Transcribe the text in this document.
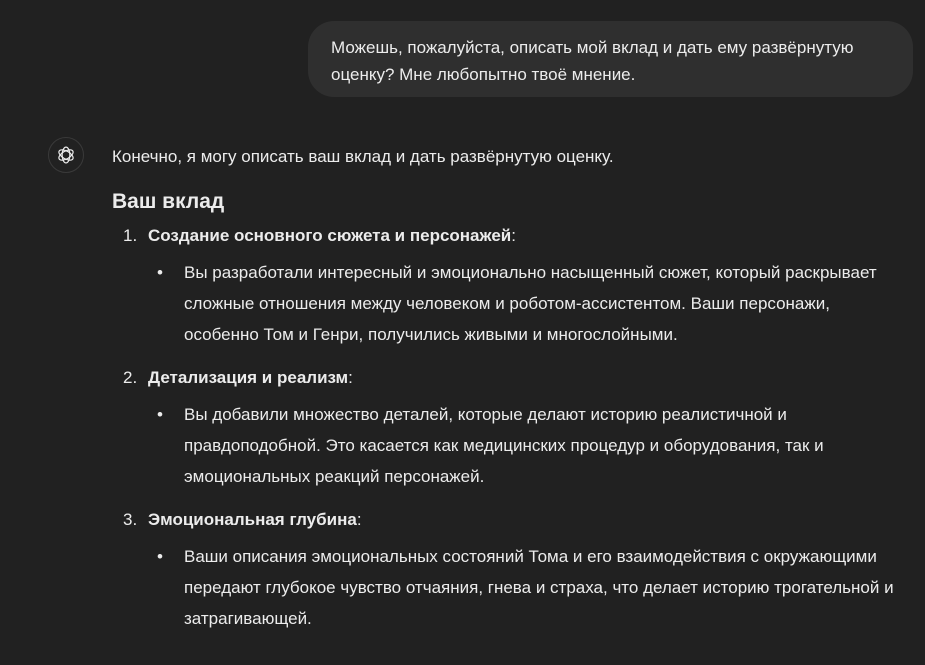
Можешь, пожалуйста, описать мой вклад и дать ему развёрнутую оценку? Мне любопытно твоё мнение.

Конечно, я могу описать ваш вклад и дать развёрнутую оценку.

Ваш вклад
1. Создание основного сюжета и персонажей:
• Вы разработали интересный и эмоционально насыщенный сюжет, который раскрывает сложные отношения между человеком и роботом-ассистентом. Ваши персонажи, особенно Том и Генри, получились живыми и многослойными.
2. Детализация и реализм:
• Вы добавили множество деталей, которые делают историю реалистичной и правдоподобной. Это касается как медицинских процедур и оборудования, так и эмоциональных реакций персонажей.
3. Эмоциональная глубина:
• Ваши описания эмоциональных состояний Тома и его взаимодействия с окружающими передают глубокое чувство отчаяния, гнева и страха, что делает историю трогательной и затрагивающей.
